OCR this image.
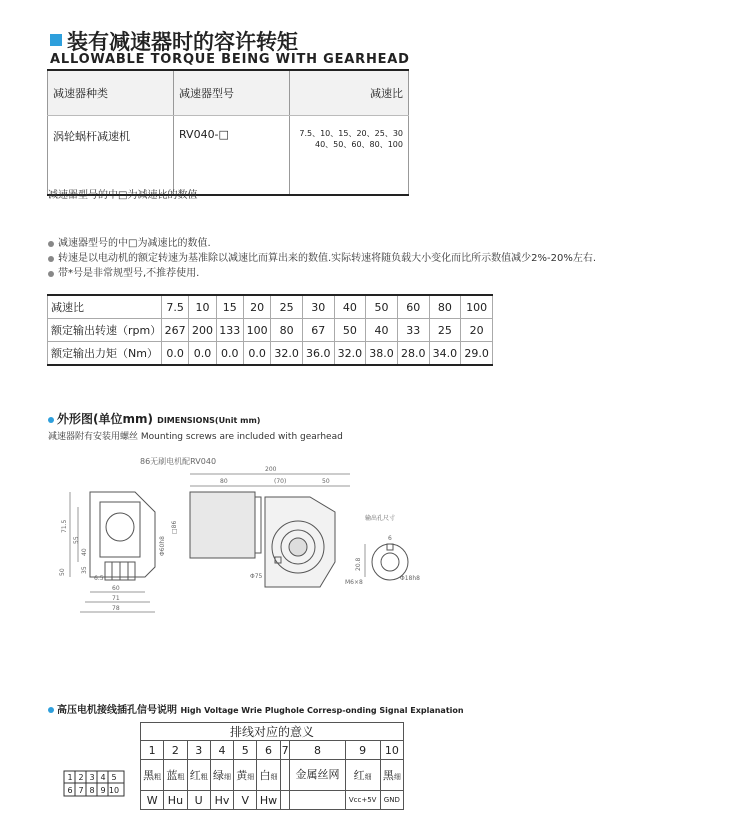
装有减速器时的容许转矩
ALLOWABLE TORQUE BEING WITH GEARHEAD
减速器种类	减速器型号	减速比
涡轮蜗杆减速机	RV040-□	7.5、10、15、20、25、30
40、50、60、80、100
减速器型号的中□为减速比的数值
减速器型号的中□为减速比的数值.
转速是以电动机的额定转速为基准除以减速比而算出来的数值.实际转速将随负载大小变化而比所示数值减少2%-20%左右.
带*号是非常规型号,不推荐使用.
减速比	7.5	10	15	20	25	30	40	50	60	80	100
额定输出转速（rpm）	267	200	133	100	80	67	50	40	33	25	20
额定输出力矩（Nm）	0.0	0.0	0.0	0.0	32.0	36.0	32.0	38.0	28.0	34.0	29.0
外形图(单位mm) DIMENSIONS(Unit mm)
减速器附有安装用螺丝 Mounting screws are included with gearhead
86无刷电机配RV040
71.5
55
40
35
50
Φ60h8
6.5
60
71
78
200
80	(70)	50
□86
Φ75
M6×8
输出孔尺寸
6
20.8
Φ18h8
高压电机接线插孔信号说明 High Voltage Wrie Plughole Corresp-onding Signal Explanation
排线对应的意义									
1	2	3	4	5	6	7	8	9	10
黑粗	蓝粗	红粗	绿细	黄细	白细		金属丝网	红细	黑细
W	Hu	U	Hv	V	Hw			Vcc+5V	GND
1 2 3 4 5
6 7 8 9 10
